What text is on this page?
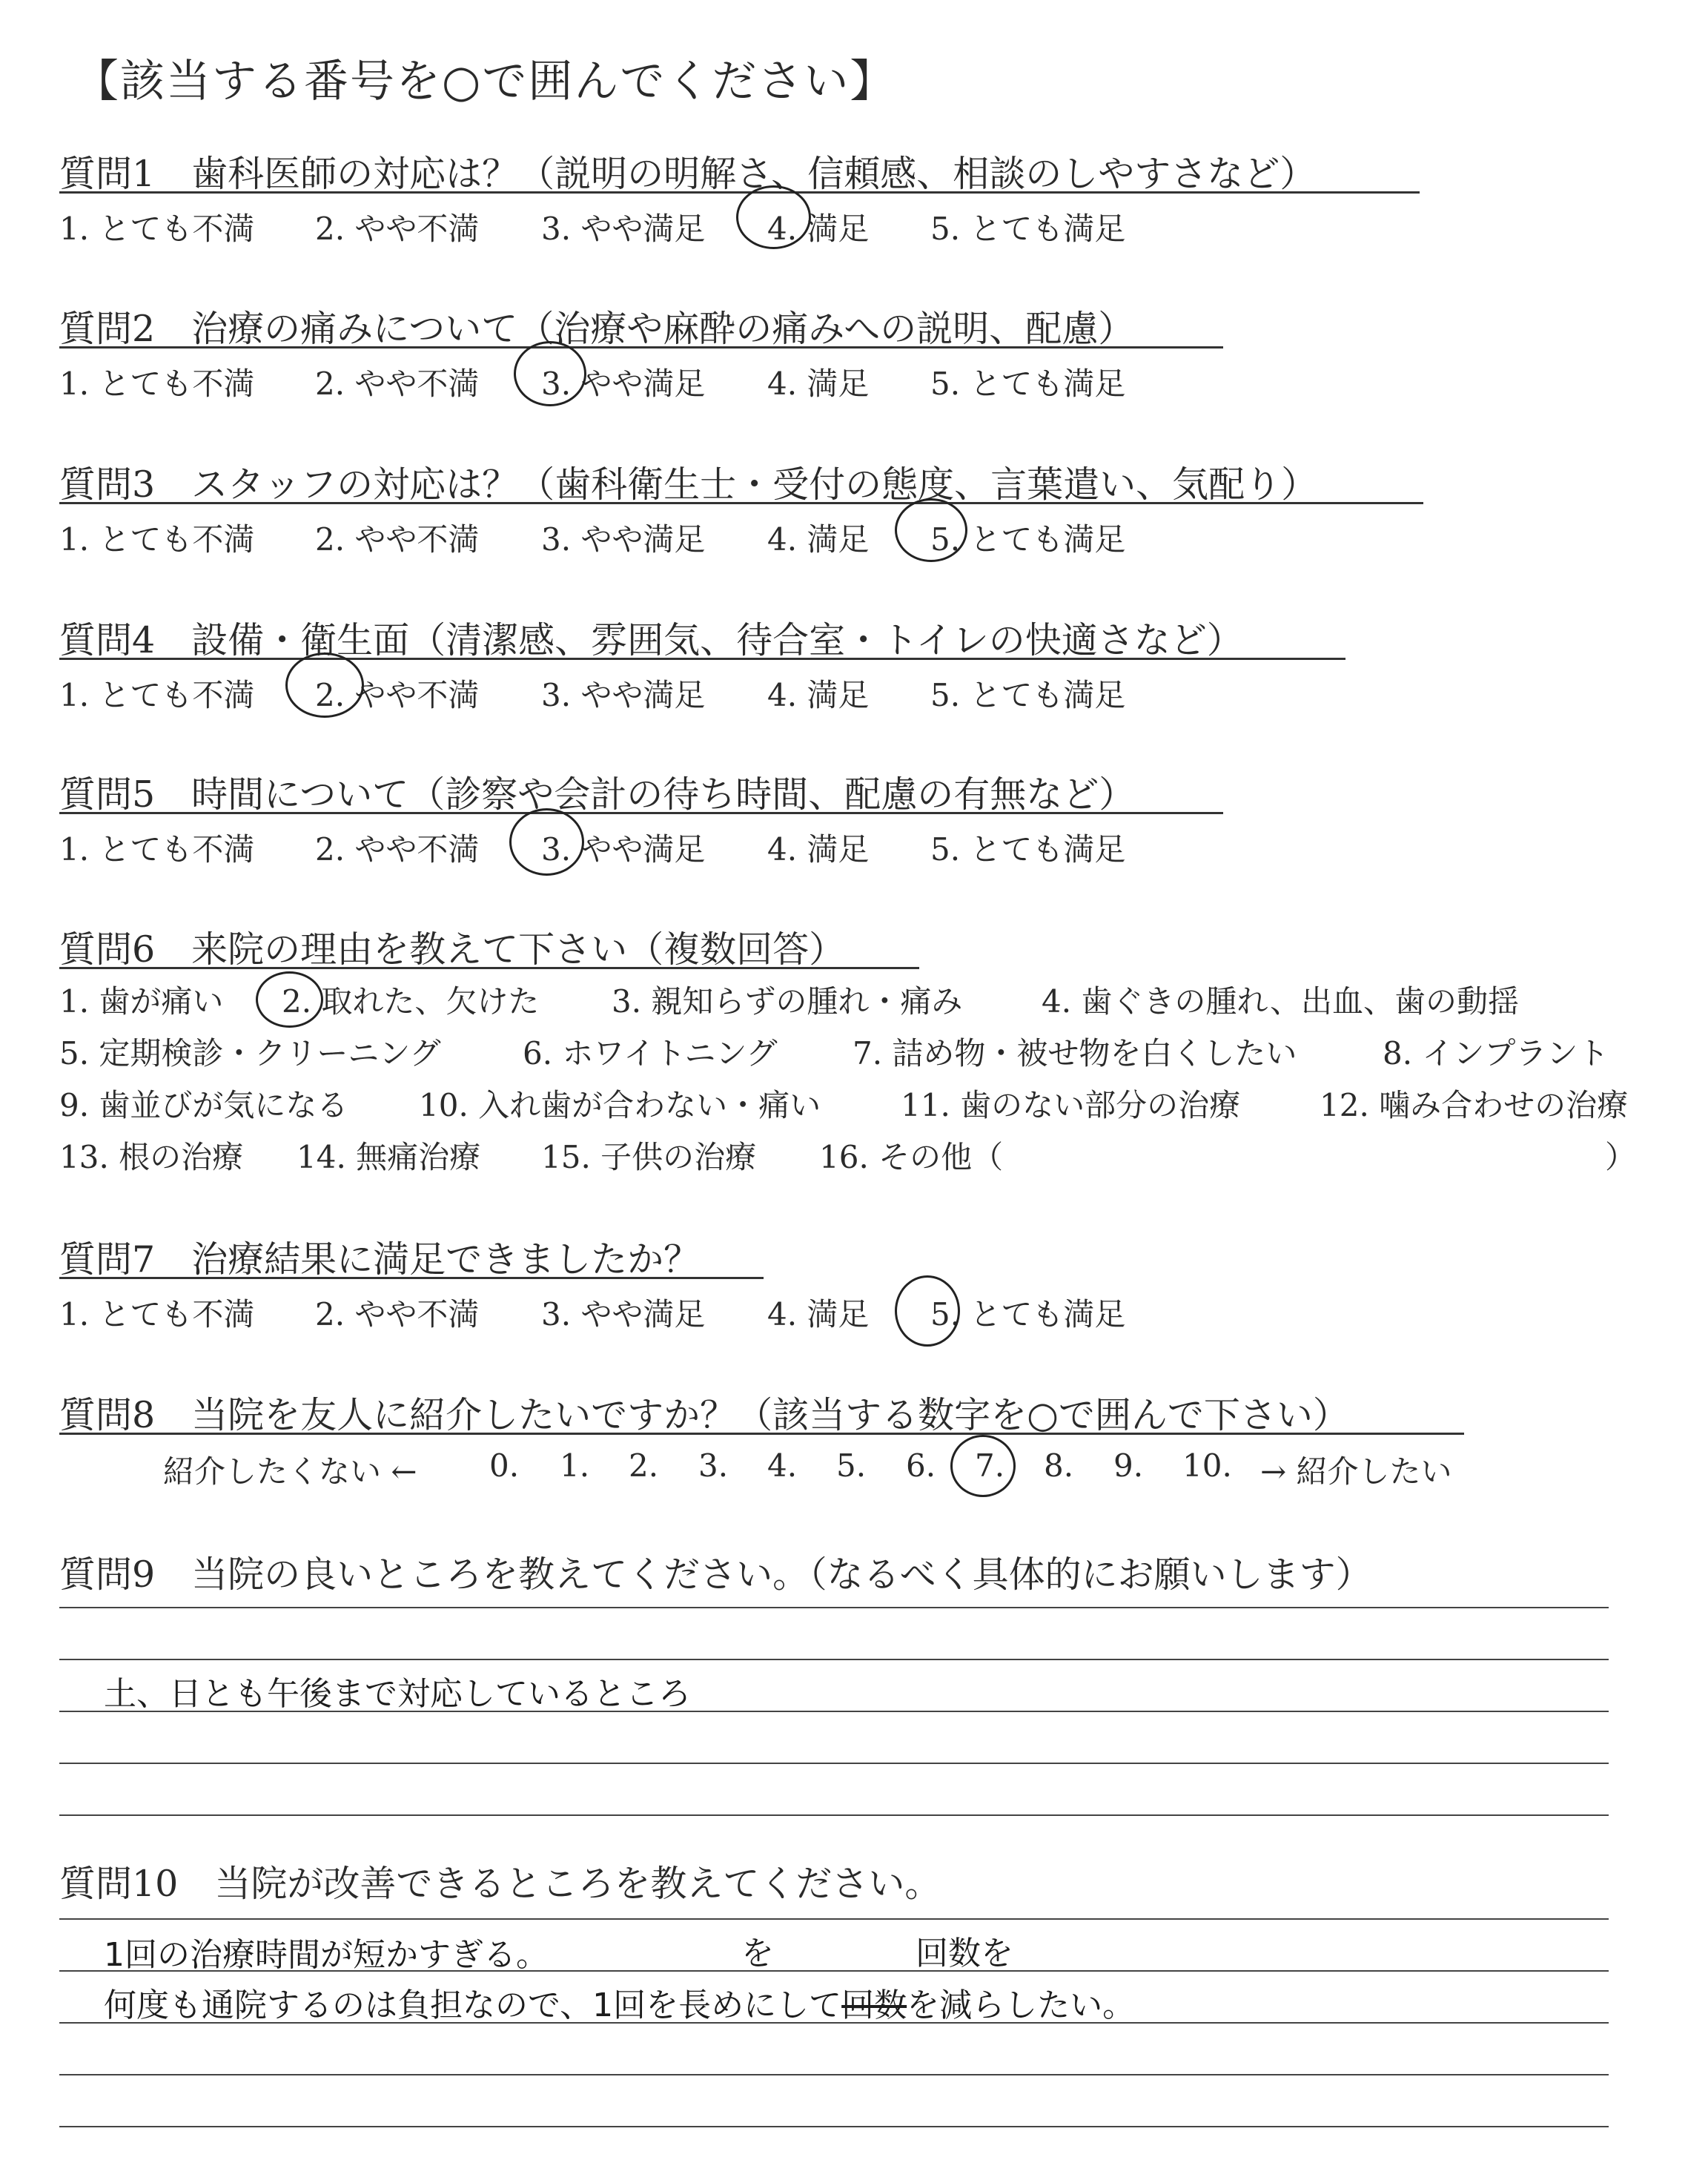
【該当する番号を○で囲んでください】
質問1　歯科医師の対応は？（説明の明解さ、信頼感、相談のしやすさなど）
1. とても不満 2. やや不満 3. やや満足 4. 満足 5. とても満足
質問2　治療の痛みについて（治療や麻酔の痛みへの説明、配慮）
1. とても不満 2. やや不満 3. やや満足 4. 満足 5. とても満足
質問3　スタッフの対応は？（歯科衛生士・受付の態度、言葉遣い、気配り）
1. とても不満 2. やや不満 3. やや満足 4. 満足 5. とても満足
質問4　設備・衛生面（清潔感、雰囲気、待合室・トイレの快適さなど）
1. とても不満 2. やや不満 3. やや満足 4. 満足 5. とても満足
質問5　時間について（診察や会計の待ち時間、配慮の有無など）
1. とても不満 2. やや不満 3. やや満足 4. 満足 5. とても満足
質問6　来院の理由を教えて下さい（複数回答）
1. 歯が痛い 2. 取れた、欠けた 3. 親知らずの腫れ・痛み	4. 歯ぐきの腫れ、出血、歯の動揺
5. 定期検診・クリーニング	6. ホワイトニング 7. 詰め物・被せ物を白くしたい	8. インプラント
9. 歯並びが気になる 10. 入れ歯が合わない・痛い	11. 歯のない部分の治療	12. 噛み合わせの治療
13. 根の治療 14. 無痛治療 15. 子供の治療 16. その他（	）
質問7　治療結果に満足できましたか？
1. とても不満 2. やや不満 3. やや満足 4. 満足 5. とても満足
質問8　当院を友人に紹介したいですか？（該当する数字を○で囲んで下さい）
紹介したくない ← 0. 1. 2. 3. 4. 5. 6. 7. 8. 9. 10. → 紹介したい
質問9　当院の良いところを教えてください。（なるべく具体的にお願いします）
土、日とも午後まで対応しているところ
質問10　当院が改善できるところを教えてください。
1回の治療時間が短かすぎる。	を	回数を
何度も通院するのは負担なので、1回を長めにして回数を減らしたい。
